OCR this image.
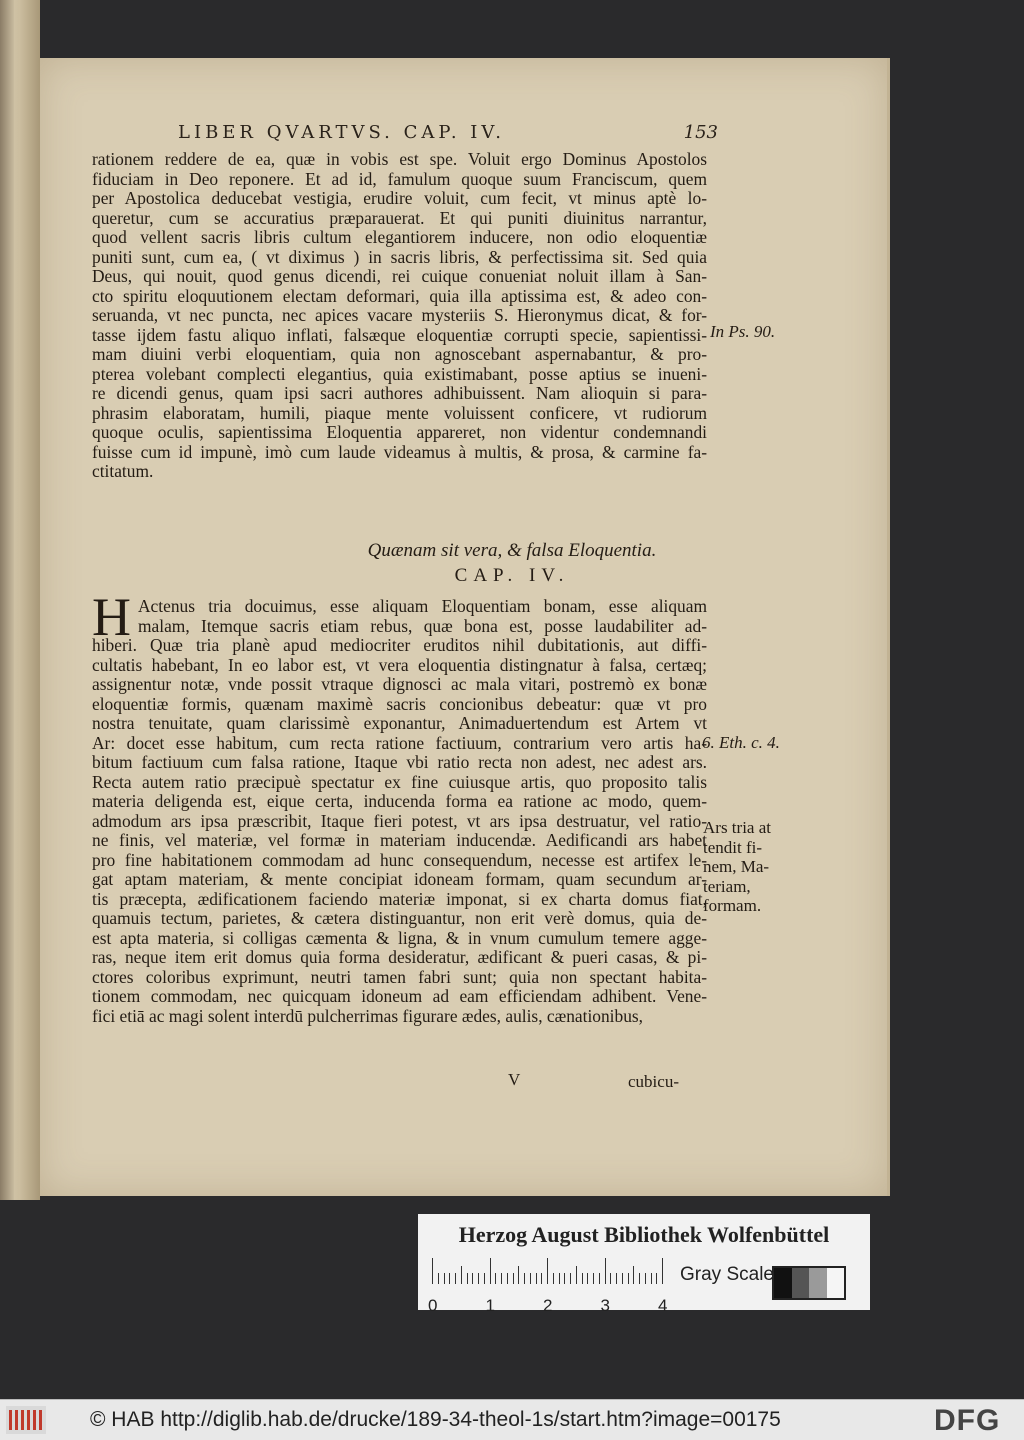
LIBER QVARTVS. CAP. IV.	153
rationem reddere de ea, quæ in vobis est spe. Voluit ergo Dominus Apostolos
fiduciam in Deo reponere. Et ad id, famulum quoque suum Franciscum, quem
per Apostolica deducebat vestigia, erudire voluit, cum fecit, vt minus aptè lo-
queretur, cum se accuratius præparauerat. Et qui puniti diuinitus narrantur,
quod vellent sacris libris cultum elegantiorem inducere, non odio eloquentiæ
puniti sunt, cum ea, ( vt diximus ) in sacris libris, & perfectissima sit. Sed quia
Deus, qui nouit, quod genus dicendi, rei cuique conueniat noluit illam à San-
cto spiritu eloquutionem electam deformari, quia illa aptissima est, & adeo con-
seruanda, vt nec puncta, nec apices vacare mysteriis S. Hieronymus dicat, & for-
tasse ijdem fastu aliquo inflati, falsæque eloquentiæ corrupti specie, sapientissi-
mam diuini verbi eloquentiam, quia non agnoscebant aspernabantur, & pro-
pterea volebant complecti elegantius, quia existimabant, posse aptius se inueni-
re dicendi genus, quam ipsi sacri authores adhibuissent. Nam alioquin si para-
phrasim elaboratam, humili, piaque mente voluissent conficere, vt rudiorum
quoque oculis, sapientissima Eloquentia appareret, non videntur condemnandi
fuisse cum id impunè, imò cum laude videamus à multis, & prosa, & carmine fa-
ctitatum.
Quænam sit vera, & falsa Eloquentia.
CAP. IV.
H Actenus tria docuimus, esse aliquam Eloquentiam bonam, esse aliquam
malam, Itemque sacris etiam rebus, quæ bona est, posse laudabiliter ad-
hiberi. Quæ tria planè apud mediocriter eruditos nihil dubitationis, aut diffi-
cultatis habebant, In eo labor est, vt vera eloquentia distingnatur à falsa, certæq;
assignentur notæ, vnde possit vtraque dignosci ac mala vitari, postremò ex bonæ
eloquentiæ formis, quænam maximè sacris concionibus debeatur: quæ vt pro
nostra tenuitate, quam clarissimè exponantur, Animaduertendum est Artem vt
Ar: docet esse habitum, cum recta ratione factiuum, contrarium vero artis ha-
bitum factiuum cum falsa ratione, Itaque vbi ratio recta non adest, nec adest ars.
Recta autem ratio præcipuè spectatur ex fine cuiusque artis, quo proposito talis
materia deligenda est, eique certa, inducenda forma ea ratione ac modo, quem-
admodum ars ipsa præscribit, Itaque fieri potest, vt ars ipsa destruatur, vel ratio-
ne finis, vel materiæ, vel formæ in materiam inducendæ. Aedificandi ars habet
pro fine habitationem commodam ad hunc consequendum, necesse est artifex le-
gat aptam materiam, & mente concipiat idoneam formam, quam secundum ar-
tis præcepta, ædificationem faciendo materiæ imponat, si ex charta domus fiat,
quamuis tectum, parietes, & cætera distinguantur, non erit verè domus, quia de-
est apta materia, si colligas cæmenta & ligna, & in vnum cumulum temere agge-
ras, neque item erit domus quia forma desideratur, ædificant & pueri casas, & pi-
ctores coloribus exprimunt, neutri tamen fabri sunt; quia non spectant habita-
tionem commodam, nec quicquam idoneum ad eam efficiendam adhibent. Vene-
fici etiā ac magi solent interdū pulcherrimas figurare ædes, aulis, cænationibus,
In Ps. 90.
6. Eth. c. 4.
Ars tria at
tendit fi-
nem, Ma-
teriam,
formam.
V	cubicu-
Herzog August Bibliothek Wolfenbüttel
Gray Scale
0	1	2	3	4
© HAB http://diglib.hab.de/drucke/189-34-theol-1s/start.htm?image=00175	DFG
